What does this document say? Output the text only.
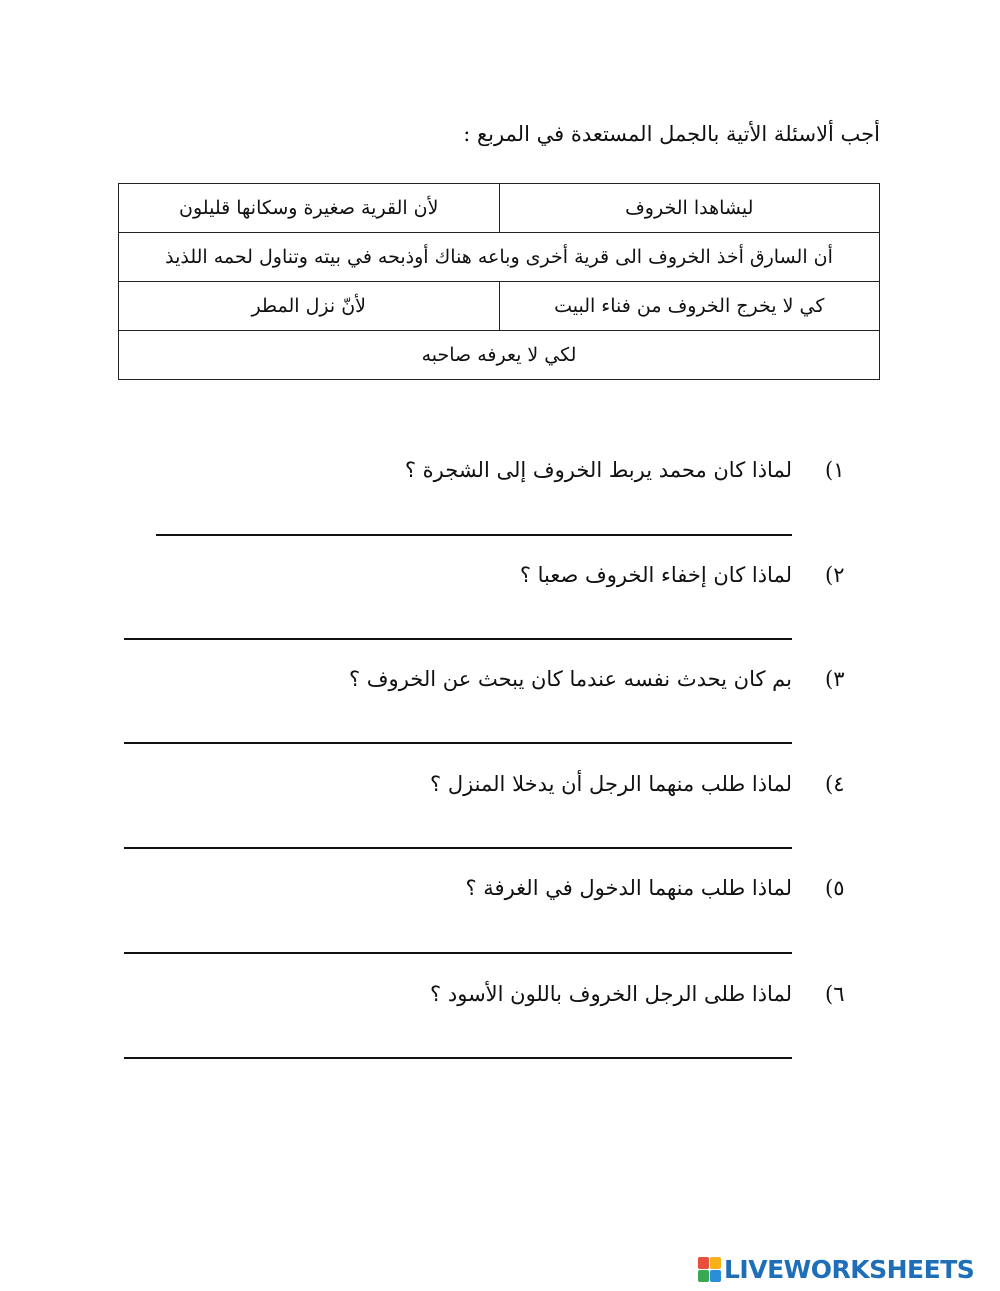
أجب ألاسئلة الأتية بالجمل المستعدة في المربع :
ليشاهدا الخروف	لأن القرية صغيرة وسكانها قليلون
أن السارق أخذ الخروف الى قرية أخرى وباعه هناك أوذبحه في بيته وتناول لحمه اللذيذ	
كي لا يخرج الخروف من فناء البيت	لأنّ نزل المطر
لكي لا يعرفه صاحبه	
١)
لماذا كان محمد يربط الخروف إلى الشجرة ؟
٢)
لماذا كان إخفاء الخروف صعبا ؟
٣)
بم كان يحدث نفسه عندما كان يبحث عن الخروف ؟
٤)
لماذا طلب منهما الرجل أن يدخلا المنزل ؟
٥)
لماذا طلب منهما الدخول في الغرفة ؟
٦)
لماذا طلى الرجل الخروف باللون الأسود ؟
LIVEWORKSHEETS
